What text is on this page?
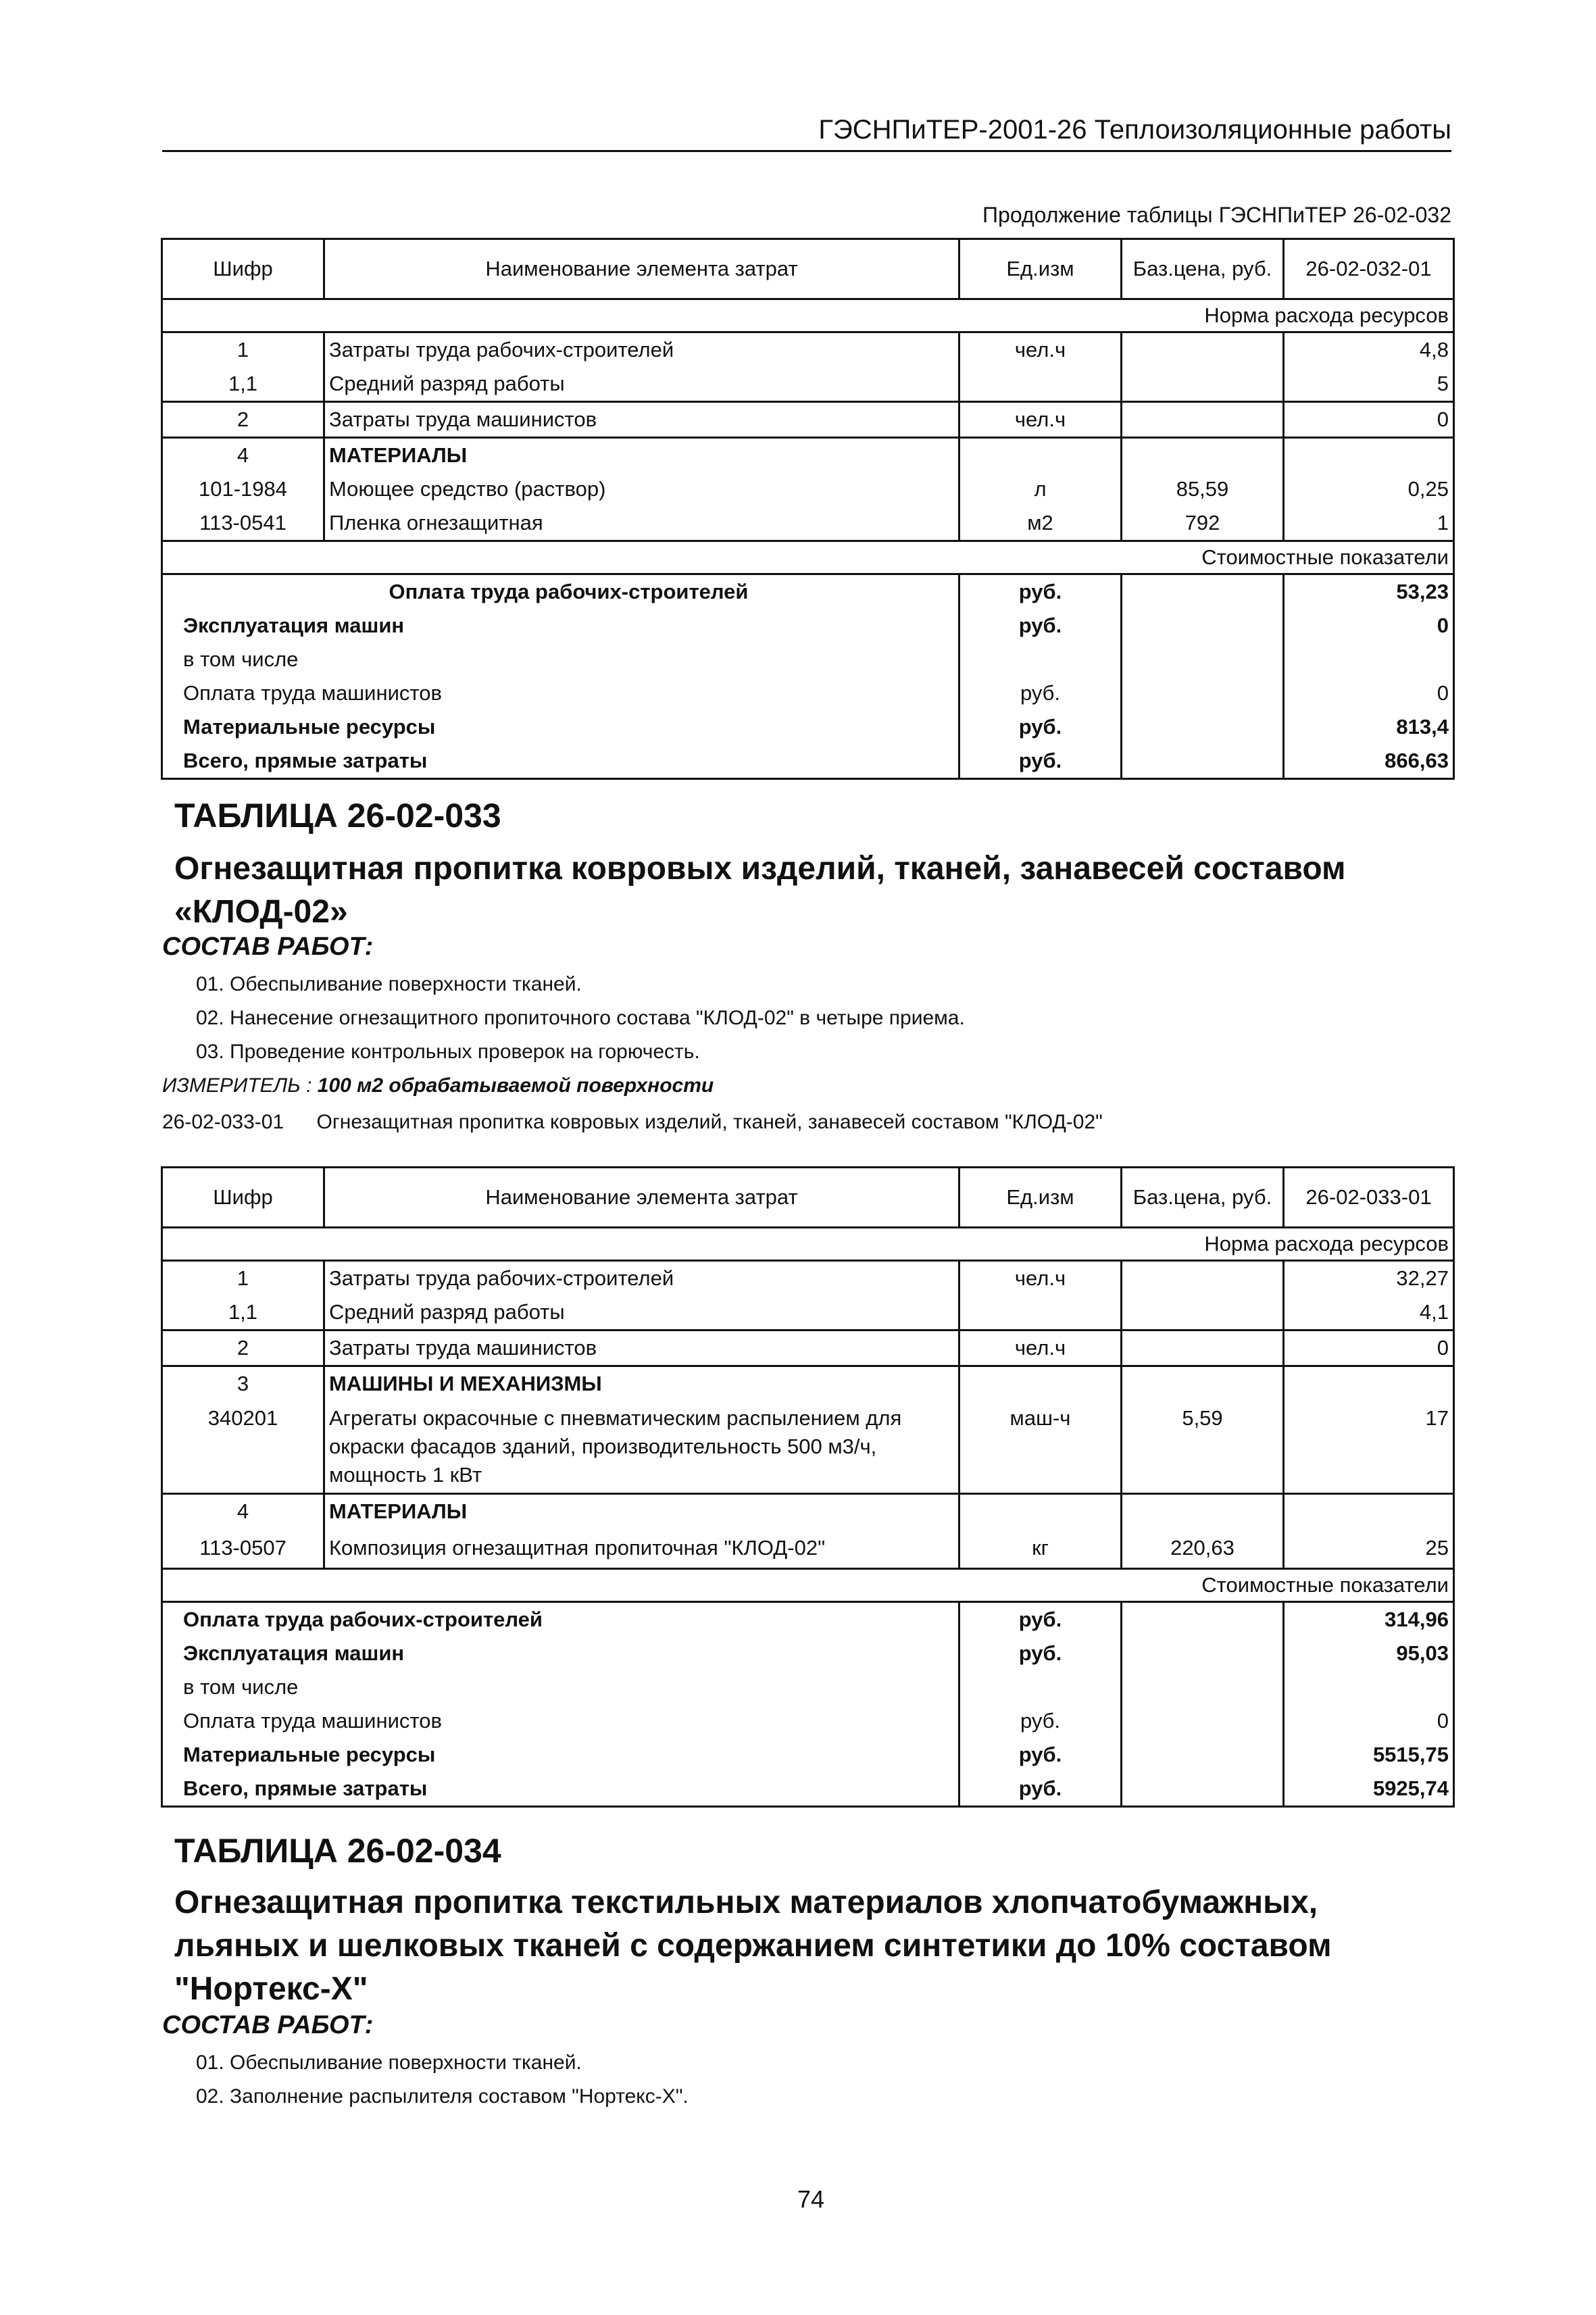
ГЭСНПиТЕР-2001-26 Теплоизоляционные работы
Продолжение таблицы ГЭСНПиТЕР 26-02-032
Шифр	Наименование элемента затрат	Ед.изм	Баз.цена, руб.	26-02-032-01
Норма расхода ресурсов				
1	Затраты труда рабочих-строителей	чел.ч		4,8
1,1	Средний разряд работы			5
2	Затраты труда машинистов	чел.ч		0
4	МАТЕРИАЛЫ			
101-1984	Моющее средство (раствор)	л	85,59	0,25
113-0541	Пленка огнезащитная	м2	792	1
Стоимостные показатели				
Оплата труда рабочих-строителей		руб.		53,23
Эксплуатация машин		руб.		0
в том числе				
Оплата труда машинистов		руб.		0
Материальные ресурсы		руб.		813,4
Всего, прямые затраты		руб.		866,63
ТАБЛИЦА 26-02-033
Огнезащитная пропитка ковровых изделий, тканей, занавесей составом «КЛОД-02»
СОСТАВ РАБОТ:
01. Обеспыливание поверхности тканей.
02. Нанесение огнезащитного пропиточного состава "КЛОД-02" в четыре приема.
03. Проведение контрольных проверок на горючесть.
ИЗМЕРИТЕЛЬ : 100 м2 обрабатываемой поверхности
26-02-033-01 Огнезащитная пропитка ковровых изделий, тканей, занавесей составом "КЛОД-02"
Шифр	Наименование элемента затрат	Ед.изм	Баз.цена, руб.	26-02-033-01
Норма расхода ресурсов				
1	Затраты труда рабочих-строителей	чел.ч		32,27
1,1	Средний разряд работы			4,1
2	Затраты труда машинистов	чел.ч		0
3	МАШИНЫ И МЕХАНИЗМЫ			
340201	Агрегаты окрасочные с пневматическим распылением для окраски фасадов зданий, производительность 500 м3/ч, мощность 1 кВт	маш-ч	5,59	17
4	МАТЕРИАЛЫ			
113-0507	Композиция огнезащитная пропиточная "КЛОД-02"	кг	220,63	25
Стоимостные показатели				
Оплата труда рабочих-строителей		руб.		314,96
Эксплуатация машин		руб.		95,03
в том числе				
Оплата труда машинистов		руб.		0
Материальные ресурсы		руб.		5515,75
Всего, прямые затраты		руб.		5925,74
ТАБЛИЦА 26-02-034
Огнезащитная пропитка текстильных материалов хлопчатобумажных, льяных и шелковых тканей с содержанием синтетики до 10% составом "Нортекс-Х"
СОСТАВ РАБОТ:
01. Обеспыливание поверхности тканей.
02. Заполнение распылителя составом "Нортекс-Х".
74
